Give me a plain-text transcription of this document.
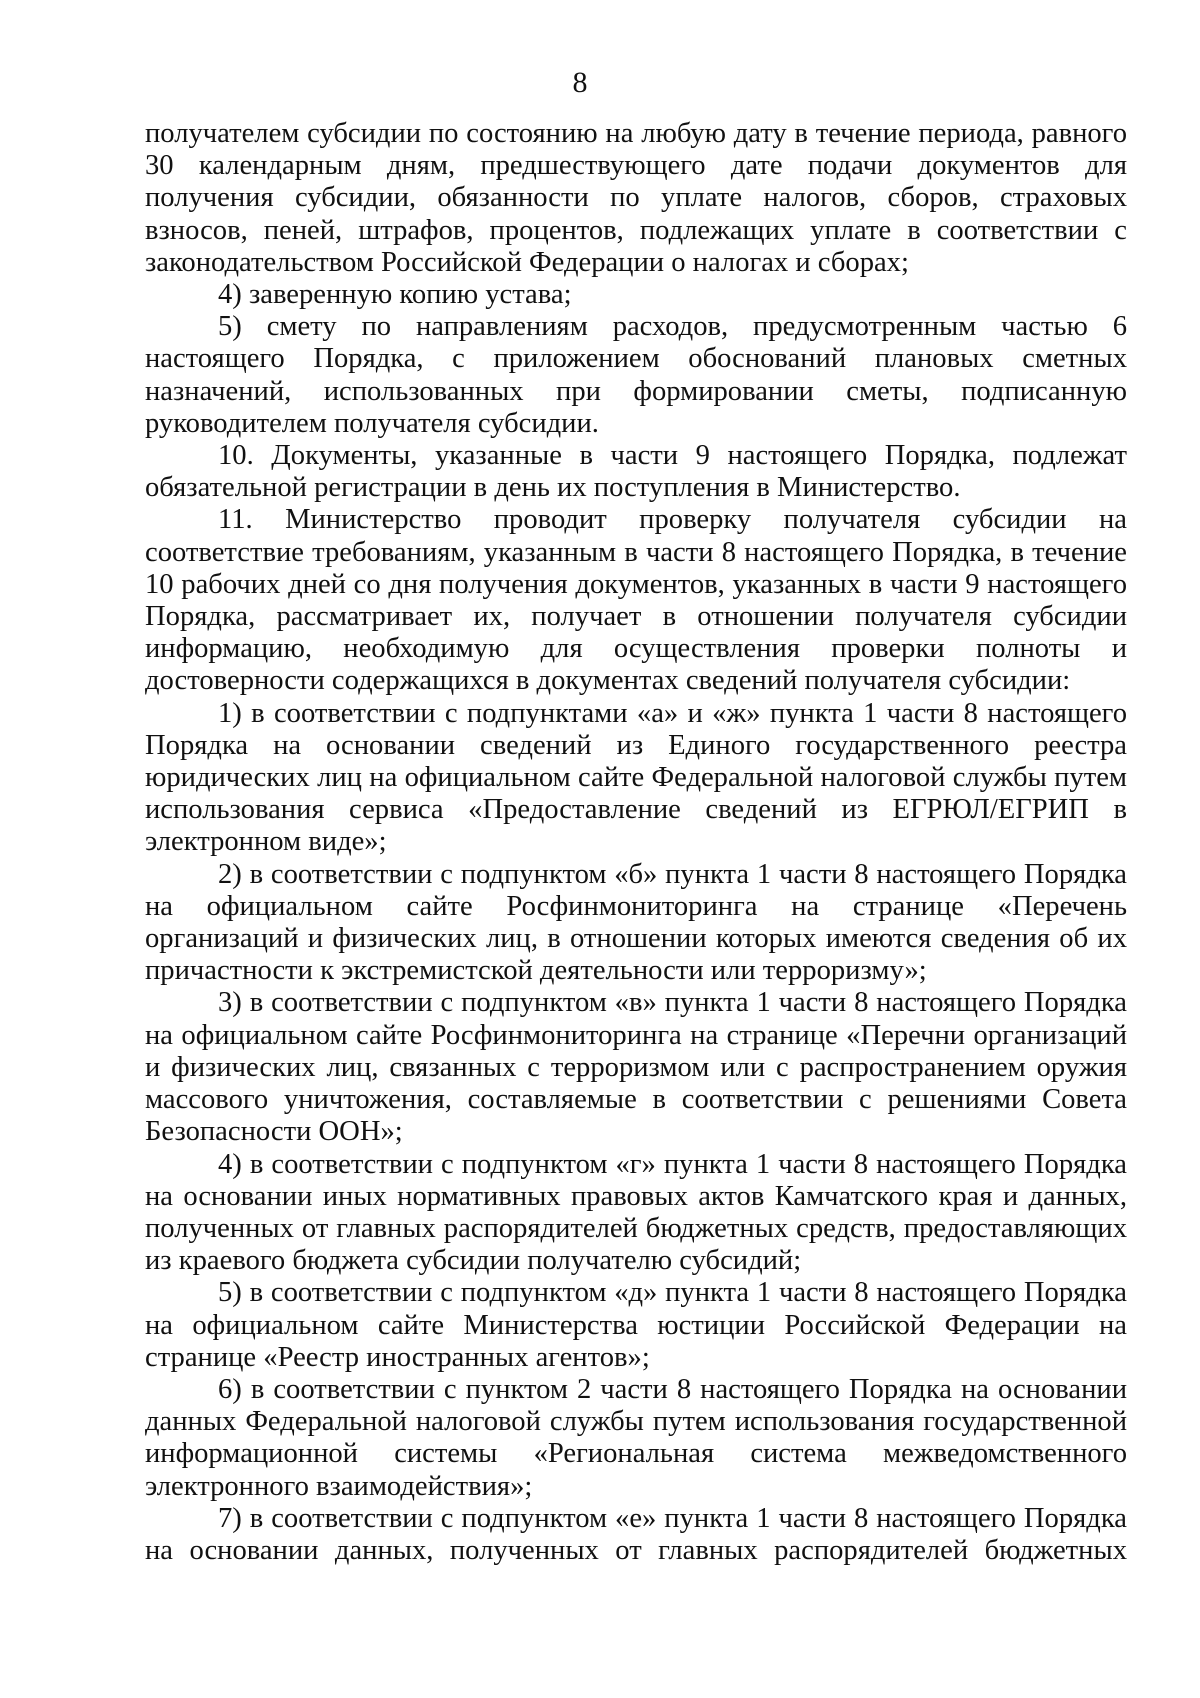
8

получателем субсидии по состоянию на любую дату в течение периода, равного 30 календарным дням, предшествующего дате подачи документов для получения субсидии, обязанности по уплате налогов, сборов, страховых взносов, пеней, штрафов, процентов, подлежащих уплате в соответствии с законодательством Российской Федерации о налогах и сборах;

4) заверенную копию устава;

5) смету по направлениям расходов, предусмотренным частью 6 настоящего Порядка, с приложением обоснований плановых сметных назначений, использованных при формировании сметы, подписанную руководителем получателя субсидии.

10. Документы, указанные в части 9 настоящего Порядка, подлежат обязательной регистрации в день их поступления в Министерство.

11. Министерство проводит проверку получателя субсидии на соответствие требованиям, указанным в части 8 настоящего Порядка, в течение 10 рабочих дней со дня получения документов, указанных в части 9 настоящего Порядка, рассматривает их, получает в отношении получателя субсидии информацию, необходимую для осуществления проверки полноты и достоверности содержащихся в документах сведений получателя субсидии:

1) в соответствии с подпунктами «а» и «ж» пункта 1 части 8 настоящего Порядка на основании сведений из Единого государственного реестра юридических лиц на официальном сайте Федеральной налоговой службы путем использования сервиса «Предоставление сведений из ЕГРЮЛ/ЕГРИП в электронном виде»;

2) в соответствии с подпунктом «б» пункта 1 части 8 настоящего Порядка на официальном сайте Росфинмониторинга на странице «Перечень организаций и физических лиц, в отношении которых имеются сведения об их причастности к экстремистской деятельности или терроризму»;

3) в соответствии с подпунктом «в» пункта 1 части 8 настоящего Порядка на официальном сайте Росфинмониторинга на странице «Перечни организаций и физических лиц, связанных с терроризмом или с распространением оружия массового уничтожения, составляемые в соответствии с решениями Совета Безопасности ООН»;

4) в соответствии с подпунктом «г» пункта 1 части 8 настоящего Порядка на основании иных нормативных правовых актов Камчатского края и данных, полученных от главных распорядителей бюджетных средств, предоставляющих из краевого бюджета субсидии получателю субсидий;

5) в соответствии с подпунктом «д» пункта 1 части 8 настоящего Порядка на официальном сайте Министерства юстиции Российской Федерации на странице «Реестр иностранных агентов»;

6) в соответствии с пунктом 2 части 8 настоящего Порядка на основании данных Федеральной налоговой службы путем использования государственной информационной системы «Региональная система межведомственного электронного взаимодействия»;

7) в соответствии с подпунктом «е» пункта 1 части 8 настоящего Порядка на основании данных, полученных от главных распорядителей бюджетных
